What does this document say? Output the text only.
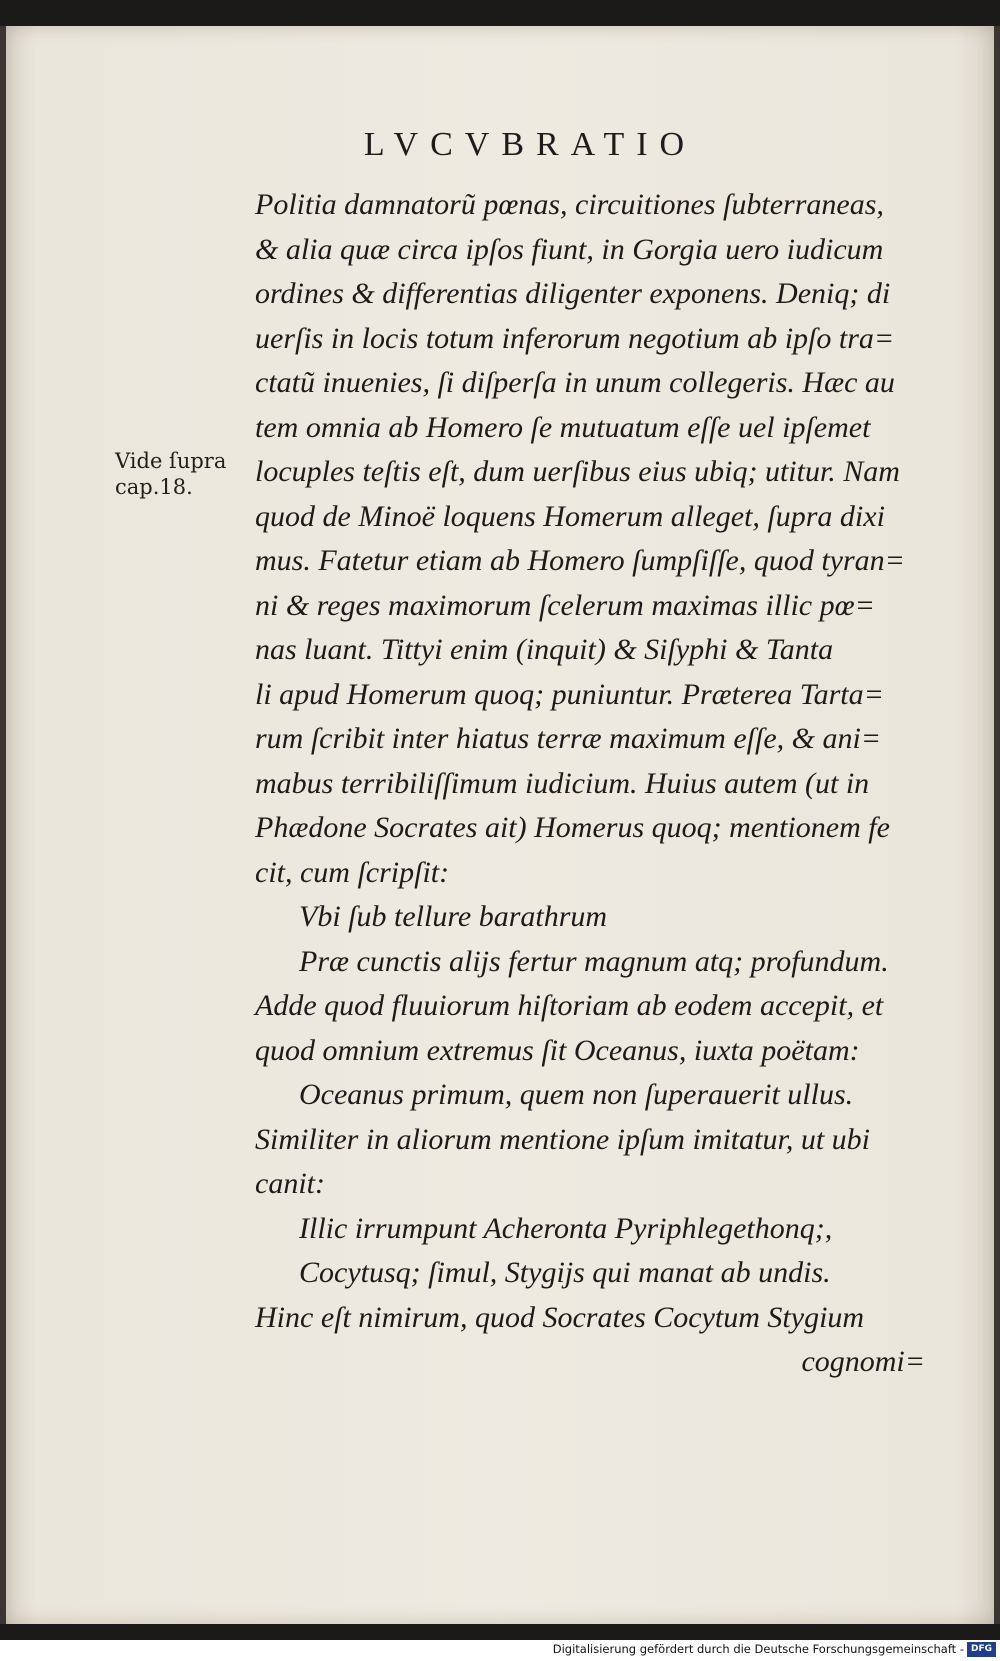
LVCVBRATIO
Vide ſupra
cap.18.
Politia damnatorũ pœnas, circuitiones ſubterraneas,
& alia quæ circa ipſos fiunt, in Gorgia uero iudicum
ordines & differentias diligenter exponens. Deniq; di
uerſis in locis totum inferorum negotium ab ipſo tra=
ctatũ inuenies, ſi diſperſa in unum collegeris. Hæc au
tem omnia ab Homero ſe mutuatum eſſe uel ipſemet
locuples teſtis eſt, dum uerſibus eius ubiq; utitur. Nam
quod de Minoë loquens Homerum alleget, ſupra dixi
mus. Fatetur etiam ab Homero ſumpſiſſe, quod tyran=
ni & reges maximorum ſcelerum maximas illic pœ=
nas luant. Tittyi enim (inquit) & Siſyphi & Tanta
li apud Homerum quoq; puniuntur. Præterea Tarta=
rum ſcribit inter hiatus terræ maximum eſſe, & ani=
mabus terribiliſſimum iudicium. Huius autem (ut in
Phædone Socrates ait) Homerus quoq; mentionem fe
cit, cum ſcripſit:
Vbi ſub tellure barathrum
Præ cunctis alijs fertur magnum atq; profundum.
Adde quod fluuiorum hiſtoriam ab eodem accepit, et
quod omnium extremus ſit Oceanus, iuxta poëtam:
Oceanus primum, quem non ſuperauerit ullus.
Similiter in aliorum mentione ipſum imitatur, ut ubi
canit:
Illic irrumpunt Acheronta Pyriphlegethonq;,
Cocytusq; ſimul, Stygijs qui manat ab undis.
Hinc eſt nimirum, quod Socrates Cocytum Stygium
cognomi=
Digitalisierung gefördert durch die Deutsche Forschungsgemeinschaft - DFG
